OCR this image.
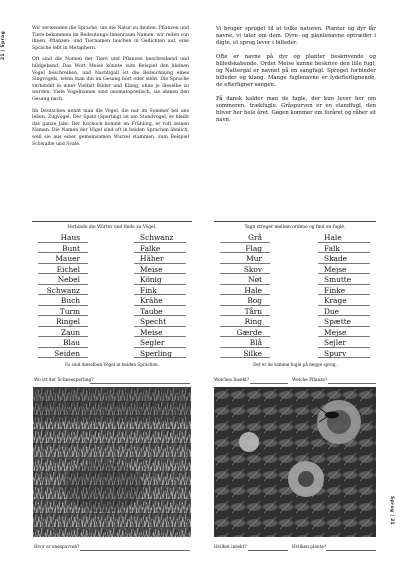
21 | Sprog
Sprog | 21

Wir verwenden die Sprache, um die Natur zu deuten. Pflanzen und Tiere bekommen im Bedeutungs-Innenraum Namen, wir reden von ihnen. Pflanzen- und Tiernamen tauchen in Gedichten auf, eine Sprache lebt in Metaphern.

Oft sind die Namen der Tiere und Pflanzen beschreibend und bildgebend. Das Wort Meise könnte zum Beispiel den kleinen Vogel beschreiben, und Nachtigall ist die Bezeichnung eines Singvogels, wenn man ihn im Gesang hört oder sieht. Die Sprache verbindet in einer Vielfalt Bilder und Klang, ohne je dieselbe zu werden. Viele Vogelnamen sind onomatopoetisch, sie ahmen den Gesang nach.

Im Deutschen nennt man die Vögel, die nur im Sommer bei uns leben, Zugvögel. Der Spatz (Sperling) ist ein Standvogel, er bleibt das ganze Jahr. Der Kuckuck kommt im Frühling, er ruft seinen Namen. Die Namen der Vögel sind oft in beiden Sprachen ähnlich, weil sie aus einer gemeinsamen Wurzel stammen, zum Beispiel Schwalbe und Svale.

Vi bruger sproget til at tolke naturen. Planter og dyr får navne, vi taler om dem. Dyre- og plantenavne optræder i digte, et sprog lever i billeder.

Ofte er navne på dyr og planter beskrivende og billedskabende. Ordet Meise kunne beskrive den lille fugl, og Nattergal er navnet på en sangfugl. Sproget forbinder billeder og klang. Mange fuglenavne er lydefterlignende, de efterligner sangen.

På dansk kalder man de fugle, der kun lever her om sommeren, trækfugle. Gråspurven er en standfugl, den bliver her hele året. Gøgen kommer om foråret og råber sit navn.

Verbinde die Wörter und finde zu Vögel.
Haus	Schwanz
Bunt	Falke
Mauer	Häher
Eichel	Meise
Nebel	König
Schwanz	Fink
Buch	Krähe
Turm	Taube
Ringel	Specht
Zaun	Meise
Blau	Segler
Seiden	Sperling
Es sind dieselben Vögel in beiden Sprachen.
Tegn streger mellem ordene og find en fugle.
Grå	Hale
Flag	Falk
Mur	Skade
Skov	Mejse
Nøt	Smutte
Hale	Finke
Bog	Krage
Tårn	Due
Ring	Spætte
Gærde	Mejse
Blå	Sejler
Silke	Spurv
Det er de samme fugle på begge sprog.
Wo ist der Schneesperling?
Hvor er snespurven?
Welches Insekt?	Welche Pflanze?
Hvilket insekt?	Hvilken plante?
